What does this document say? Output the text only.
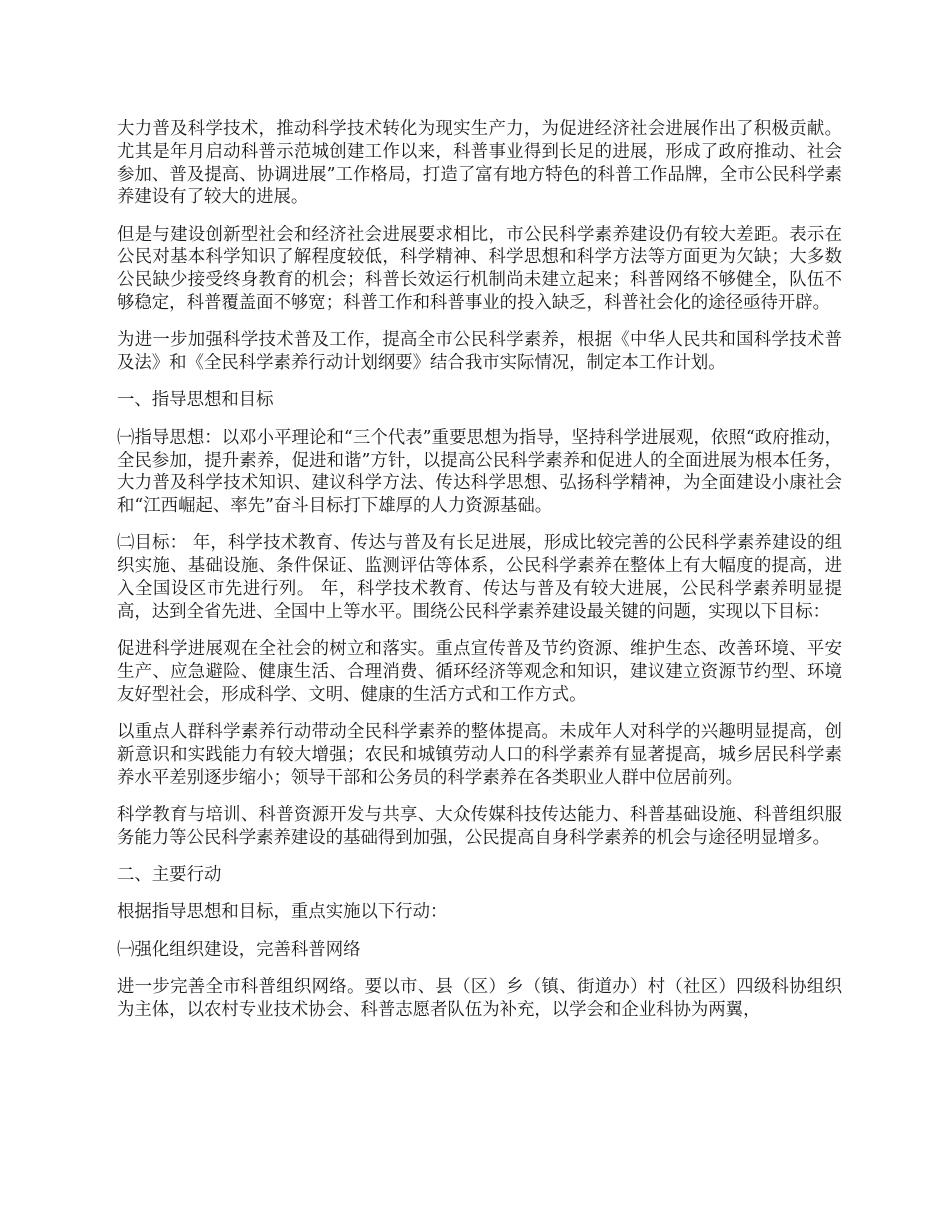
大力普及科学技术，推动科学技术转化为现实生产力，为促进经济社会进展作出了积极贡献。尤其是年月启动科普示范城创建工作以来，科普事业得到长足的进展，形成了政府推动、社会参加、普及提高、协调进展”工作格局，打造了富有地方特色的科普工作品牌，全市公民科学素养建设有了较大的进展。

但是与建设创新型社会和经济社会进展要求相比，市公民科学素养建设仍有较大差距。表示在公民对基本科学知识了解程度较低，科学精神、科学思想和科学方法等方面更为欠缺；大多数公民缺少接受终身教育的机会；科普长效运行机制尚未建立起来；科普网络不够健全，队伍不够稳定，科普覆盖面不够宽；科普工作和科普事业的投入缺乏，科普社会化的途径亟待开辟。

为进一步加强科学技术普及工作，提高全市公民科学素养，根据《中华人民共和国科学技术普及法》和《全民科学素养行动计划纲要》结合我市实际情况，制定本工作计划。

一、指导思想和目标

㈠指导思想：以邓小平理论和“三个代表”重要思想为指导，坚持科学进展观，依照“政府推动，全民参加，提升素养，促进和谐”方针，以提高公民科学素养和促进人的全面进展为根本任务，大力普及科学技术知识、建议科学方法、传达科学思想、弘扬科学精神，为全面建设小康社会和“江西崛起、率先”奋斗目标打下雄厚的人力资源基础。

㈡目标： 年，科学技术教育、传达与普及有长足进展，形成比较完善的公民科学素养建设的组织实施、基础设施、条件保证、监测评估等体系，公民科学素养在整体上有大幅度的提高，进入全国设区市先进行列。 年，科学技术教育、传达与普及有较大进展，公民科学素养明显提高，达到全省先进、全国中上等水平。围绕公民科学素养建设最关键的问题，实现以下目标：

促进科学进展观在全社会的树立和落实。重点宣传普及节约资源、维护生态、改善环境、平安生产、应急避险、健康生活、合理消费、循环经济等观念和知识，建议建立资源节约型、环境友好型社会，形成科学、文明、健康的生活方式和工作方式。

以重点人群科学素养行动带动全民科学素养的整体提高。未成年人对科学的兴趣明显提高，创新意识和实践能力有较大增强；农民和城镇劳动人口的科学素养有显著提高，城乡居民科学素养水平差别逐步缩小；领导干部和公务员的科学素养在各类职业人群中位居前列。

科学教育与培训、科普资源开发与共享、大众传媒科技传达能力、科普基础设施、科普组织服务能力等公民科学素养建设的基础得到加强，公民提高自身科学素养的机会与途径明显增多。

二、主要行动

根据指导思想和目标，重点实施以下行动：

㈠强化组织建设，完善科普网络

进一步完善全市科普组织网络。要以市、县（区）乡（镇、街道办）村（社区）四级科协组织为主体，以农村专业技术协会、科普志愿者队伍为补充，以学会和企业科协为两翼，
